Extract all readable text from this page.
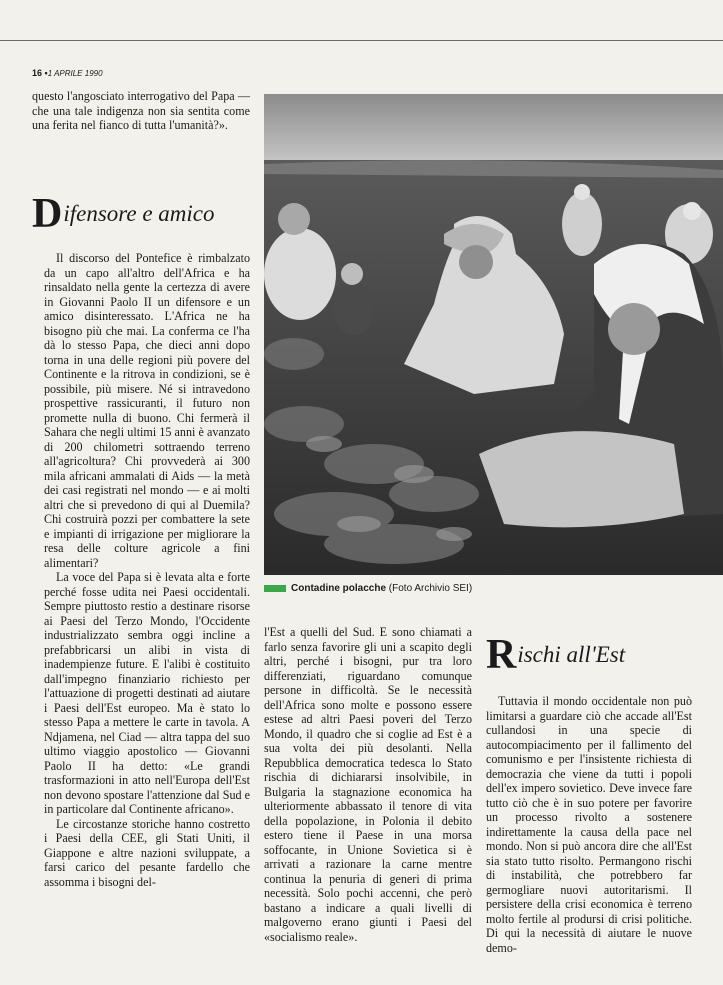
16 •1 APRILE 1990

questo l'angosciato interrogativo del Papa — che una tale indigenza non sia sentita come una ferita nel fianco di tutta l'umanità?».

Difensore e amico

Il discorso del Pontefice è rimbalzato da un capo all'altro dell'Africa e ha rinsaldato nella gente la certezza di avere in Giovanni Paolo II un difensore e un amico disinteressato. L'Africa ne ha bisogno più che mai. La conferma ce l'ha dà lo stesso Papa, che dieci anni dopo torna in una delle regioni più povere del Continente e la ritrova in condizioni, se è possibile, più misere. Né si intravedono prospettive rassicuranti, il futuro non promette nulla di buono. Chi fermerà il Sahara che negli ultimi 15 anni è avanzato di 200 chilometri sottraendo terreno all'agricoltura? Chi provvederà ai 300 mila africani ammalati di Aids — la metà dei casi registrati nel mondo — e ai molti altri che si prevedono di qui al Duemila? Chi costruirà pozzi per combattere la sete e impianti di irrigazione per migliorare la resa delle colture agricole a fini alimentari?

La voce del Papa si è levata alta e forte perché fosse udita nei Paesi occidentali. Sempre piuttosto restio a destinare risorse ai Paesi del Terzo Mondo, l'Occidente industrializzato sembra oggi incline a prefabbricarsi un alibi in vista di inadempienze future. E l'alibi è costituito dall'impegno finanziario richiesto per l'attuazione di progetti destinati ad aiutare i Paesi dell'Est europeo. Ma è stato lo stesso Papa a mettere le carte in tavola. A Ndjamena, nel Ciad — altra tappa del suo ultimo viaggio apostolico — Giovanni Paolo II ha detto: «Le grandi trasformazioni in atto nell'Europa dell'Est non devono spostare l'attenzione dal Sud e in particolare dal Continente africano».

Le circostanze storiche hanno costretto i Paesi della CEE, gli Stati Uniti, il Giappone e altre nazioni sviluppate, a farsi carico del pesante fardello che assomma i bisogni del-

Contadine polacche (Foto Archivio SEI)

l'Est a quelli del Sud. E sono chiamati a farlo senza favorire gli uni a scapito degli altri, perché i bisogni, pur tra loro differenziati, riguardano comunque persone in difficoltà. Se le necessità dell'Africa sono molte e possono essere estese ad altri Paesi poveri del Terzo Mondo, il quadro che si coglie ad Est è a sua volta dei più desolanti. Nella Repubblica democratica tedesca lo Stato rischia di dichiararsi insolvibile, in Bulgaria la stagnazione economica ha ulteriormente abbassato il tenore di vita della popolazione, in Polonia il debito estero tiene il Paese in una morsa soffocante, in Unione Sovietica si è arrivati a razionare la carne mentre continua la penuria di generi di prima necessità. Solo pochi accenni, che però bastano a indicare a quali livelli di malgoverno erano giunti i Paesi del «socialismo reale».

Rischi all'Est

Tuttavia il mondo occidentale non può limitarsi a guardare ciò che accade all'Est cullandosi in una specie di autocompiacimento per il fallimento del comunismo e per l'insistente richiesta di democrazia che viene da tutti i popoli dell'ex impero sovietico. Deve invece fare tutto ciò che è in suo potere per favorire un processo rivolto a sostenere indirettamente la causa della pace nel mondo. Non si può ancora dire che all'Est sia stato tutto risolto. Permangono rischi di instabilità, che potrebbero far germogliare nuovi autoritarismi. Il persistere della crisi economica è terreno molto fertile al prodursi di crisi politiche. Di qui la necessità di aiutare le nuove demo-
